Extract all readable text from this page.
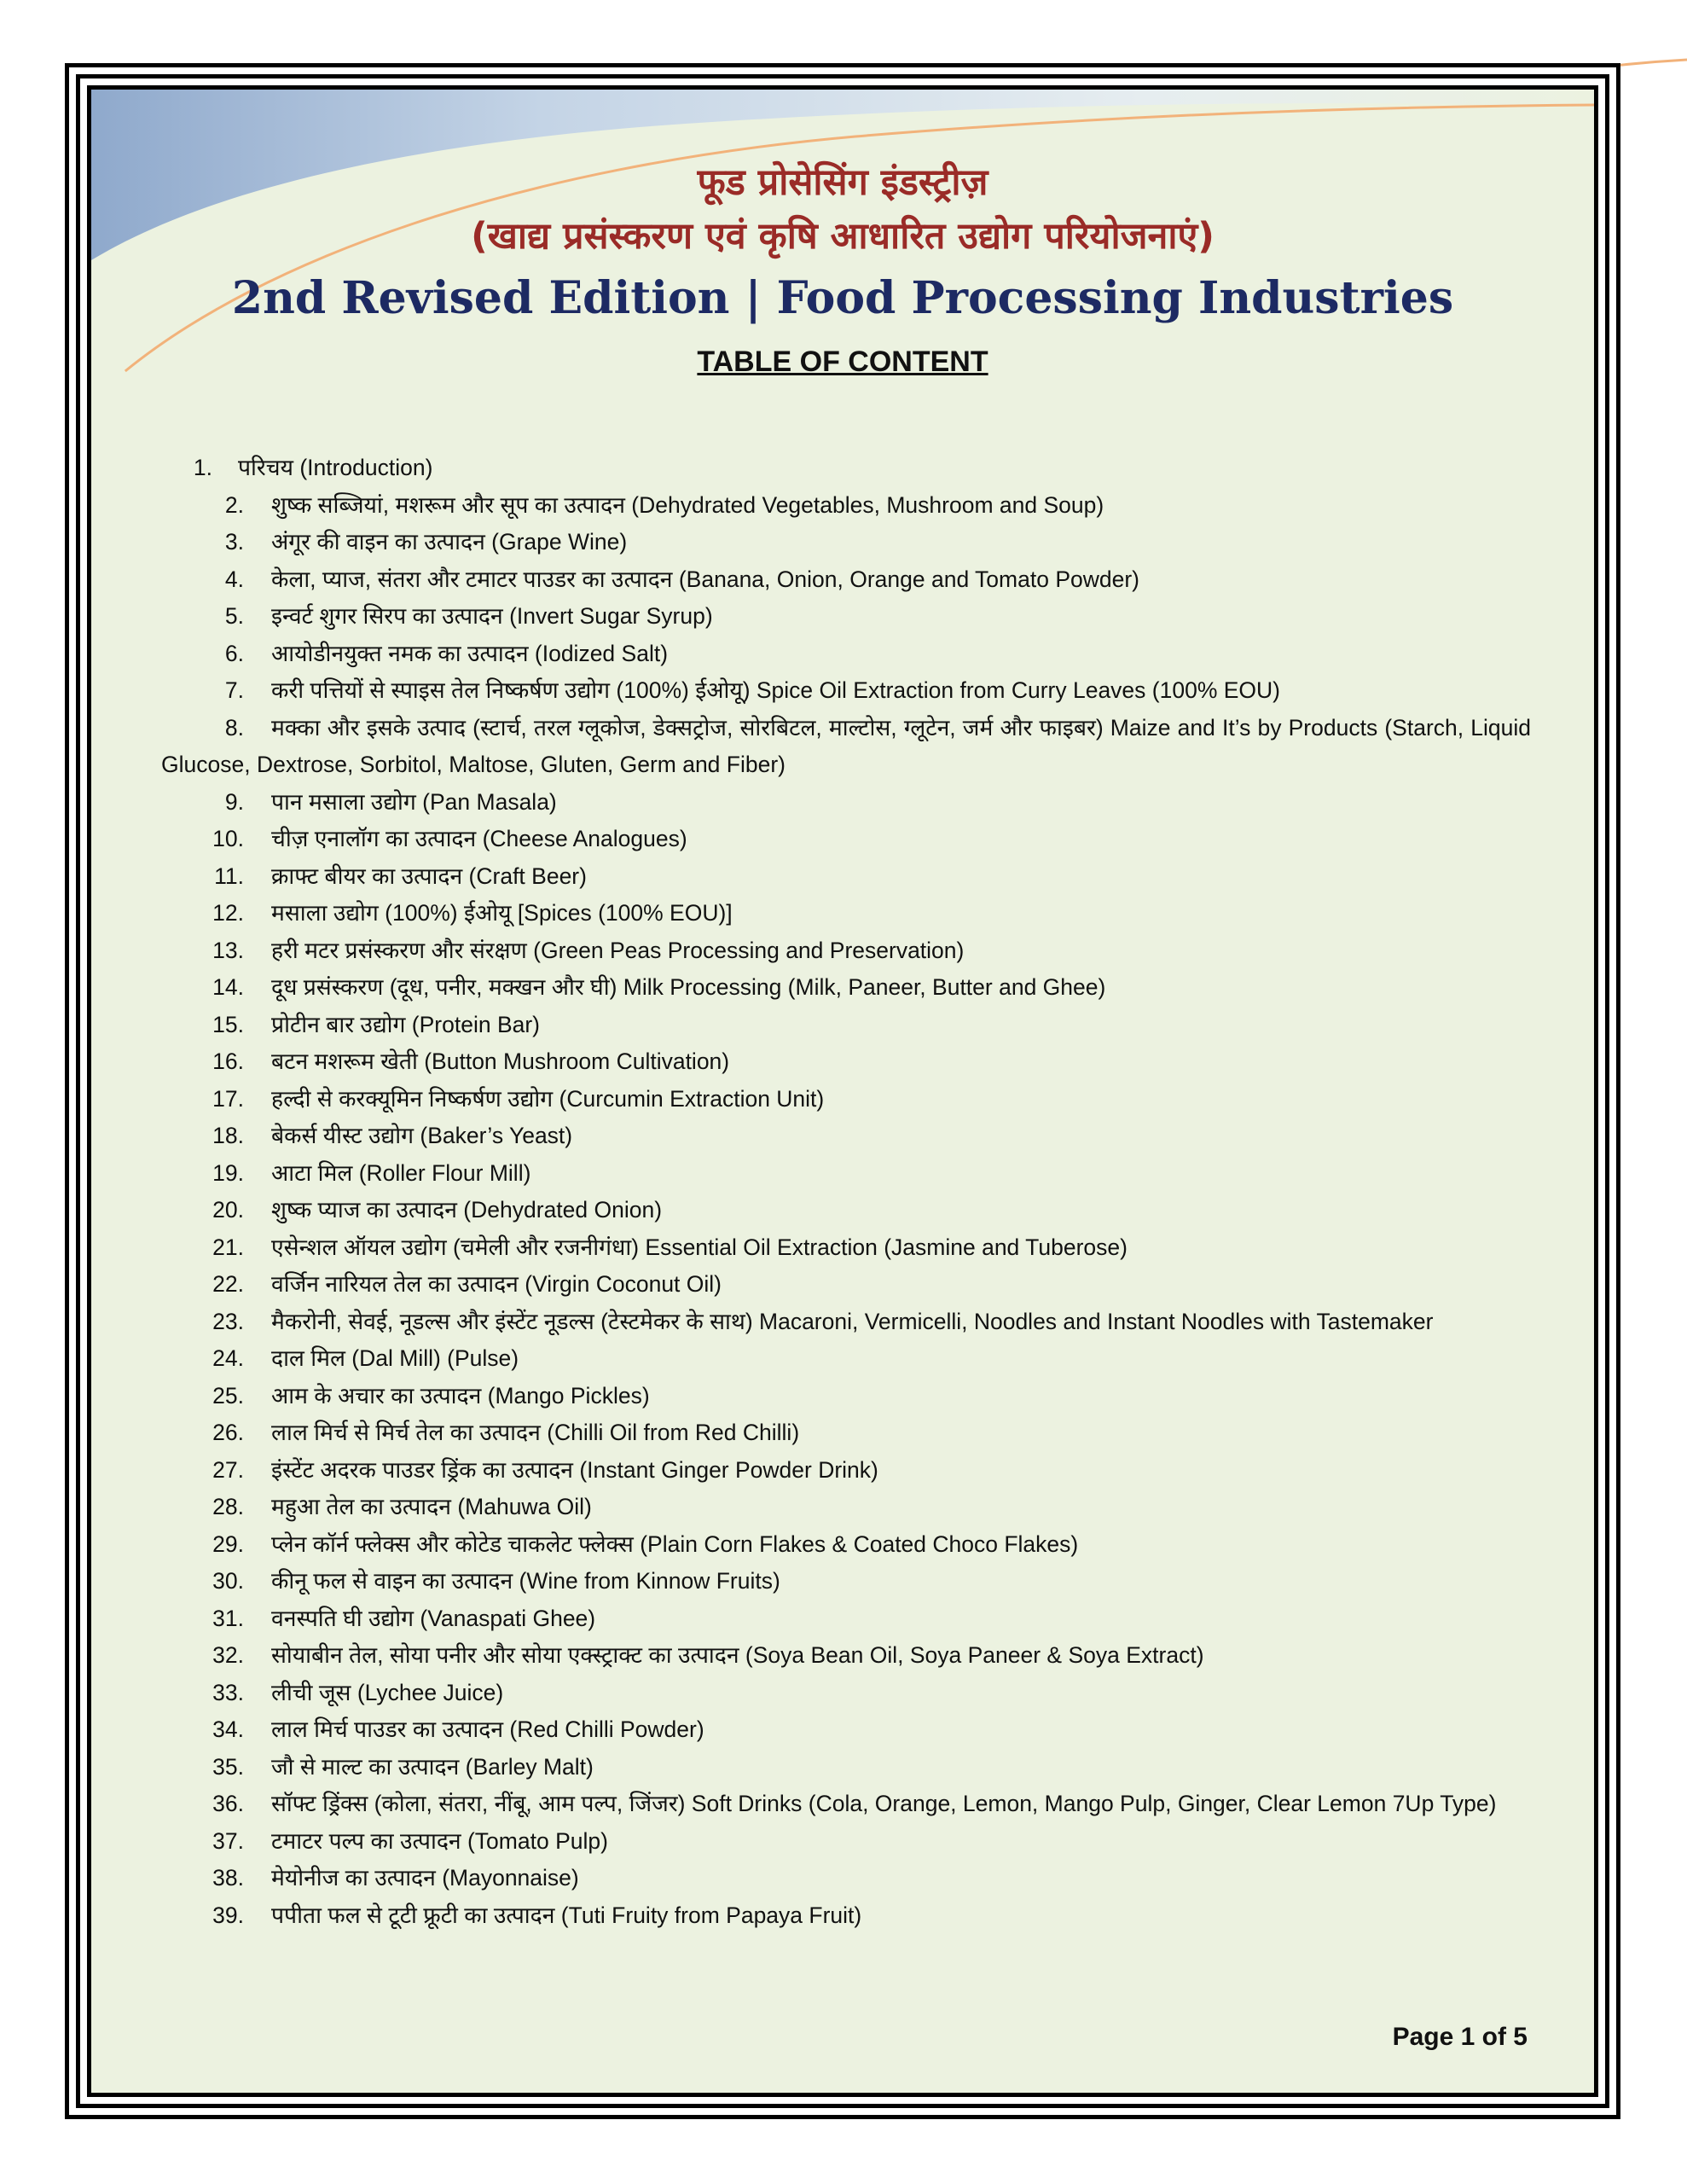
फूड प्रोसेसिंग इंडस्ट्रीज़
(खाद्य प्रसंस्करण एवं कृषि आधारित उद्योग परियोजनाएं)
2nd Revised Edition | Food Processing Industries
TABLE OF CONTENT
1. परिचय (Introduction)
2. शुष्क सब्जियां, मशरूम और सूप का उत्पादन (Dehydrated Vegetables, Mushroom and Soup)
3. अंगूर की वाइन का उत्पादन (Grape Wine)
4. केला, प्याज, संतरा और टमाटर पाउडर का उत्पादन (Banana, Onion, Orange and Tomato Powder)
5. इन्वर्ट शुगर सिरप का उत्पादन (Invert Sugar Syrup)
6. आयोडीनयुक्त नमक का उत्पादन (Iodized Salt)
7. करी पत्तियों से स्पाइस तेल निष्कर्षण उद्योग (100%) ईओयू) Spice Oil Extraction from Curry Leaves (100% EOU)
8. मक्का और इसके उत्पाद (स्टार्च, तरल ग्लूकोज, डेक्सट्रोज, सोरबिटल, माल्टोस, ग्लूटेन, जर्म और फाइबर) Maize and It’s by Products (Starch, Liquid Glucose, Dextrose, Sorbitol, Maltose, Gluten, Germ and Fiber)
9. पान मसाला उद्योग (Pan Masala)
10. चीज़ एनालॉग का उत्पादन (Cheese Analogues)
11. क्राफ्ट बीयर का उत्पादन (Craft Beer)
12. मसाला उद्योग (100%) ईओयू [Spices (100% EOU)]
13. हरी मटर प्रसंस्करण और संरक्षण (Green Peas Processing and Preservation)
14. दूध प्रसंस्करण (दूध, पनीर, मक्खन और घी) Milk Processing (Milk, Paneer, Butter and Ghee)
15. प्रोटीन बार उद्योग (Protein Bar)
16. बटन मशरूम खेती (Button Mushroom Cultivation)
17. हल्दी से करक्यूमिन निष्कर्षण उद्योग (Curcumin Extraction Unit)
18. बेकर्स यीस्ट उद्योग (Baker’s Yeast)
19. आटा मिल (Roller Flour Mill)
20. शुष्क प्याज का उत्पादन (Dehydrated Onion)
21. एसेन्शल ऑयल उद्योग (चमेली और रजनीगंधा) Essential Oil Extraction (Jasmine and Tuberose)
22. वर्जिन नारियल तेल का उत्पादन (Virgin Coconut Oil)
23. मैकरोनी, सेवई, नूडल्स और इंस्टेंट नूडल्स (टेस्टमेकर के साथ) Macaroni, Vermicelli, Noodles and Instant Noodles with Tastemaker
24. दाल मिल (Dal Mill) (Pulse)
25. आम के अचार का उत्पादन (Mango Pickles)
26. लाल मिर्च से मिर्च तेल का उत्पादन (Chilli Oil from Red Chilli)
27. इंस्टेंट अदरक पाउडर ड्रिंक का उत्पादन (Instant Ginger Powder Drink)
28. महुआ तेल का उत्पादन (Mahuwa Oil)
29. प्लेन कॉर्न फ्लेक्स और कोटेड चाकलेट फ्लेक्स (Plain Corn Flakes & Coated Choco Flakes)
30. कीनू फल से वाइन का उत्पादन (Wine from Kinnow Fruits)
31. वनस्पति घी उद्योग (Vanaspati Ghee)
32. सोयाबीन तेल, सोया पनीर और सोया एक्स्ट्राक्ट का उत्पादन (Soya Bean Oil, Soya Paneer & Soya Extract)
33. लीची जूस (Lychee Juice)
34. लाल मिर्च पाउडर का उत्पादन (Red Chilli Powder)
35. जौ से माल्ट का उत्पादन (Barley Malt)
36. सॉफ्ट ड्रिंक्स (कोला, संतरा, नींबू, आम पल्प, जिंजर) Soft Drinks (Cola, Orange, Lemon, Mango Pulp, Ginger, Clear Lemon 7Up Type)
37. टमाटर पल्प का उत्पादन (Tomato Pulp)
38. मेयोनीज का उत्पादन (Mayonnaise)
39. पपीता फल से टूटी फ्रूटी का उत्पादन (Tuti Fruity from Papaya Fruit)
Page 1 of 5
